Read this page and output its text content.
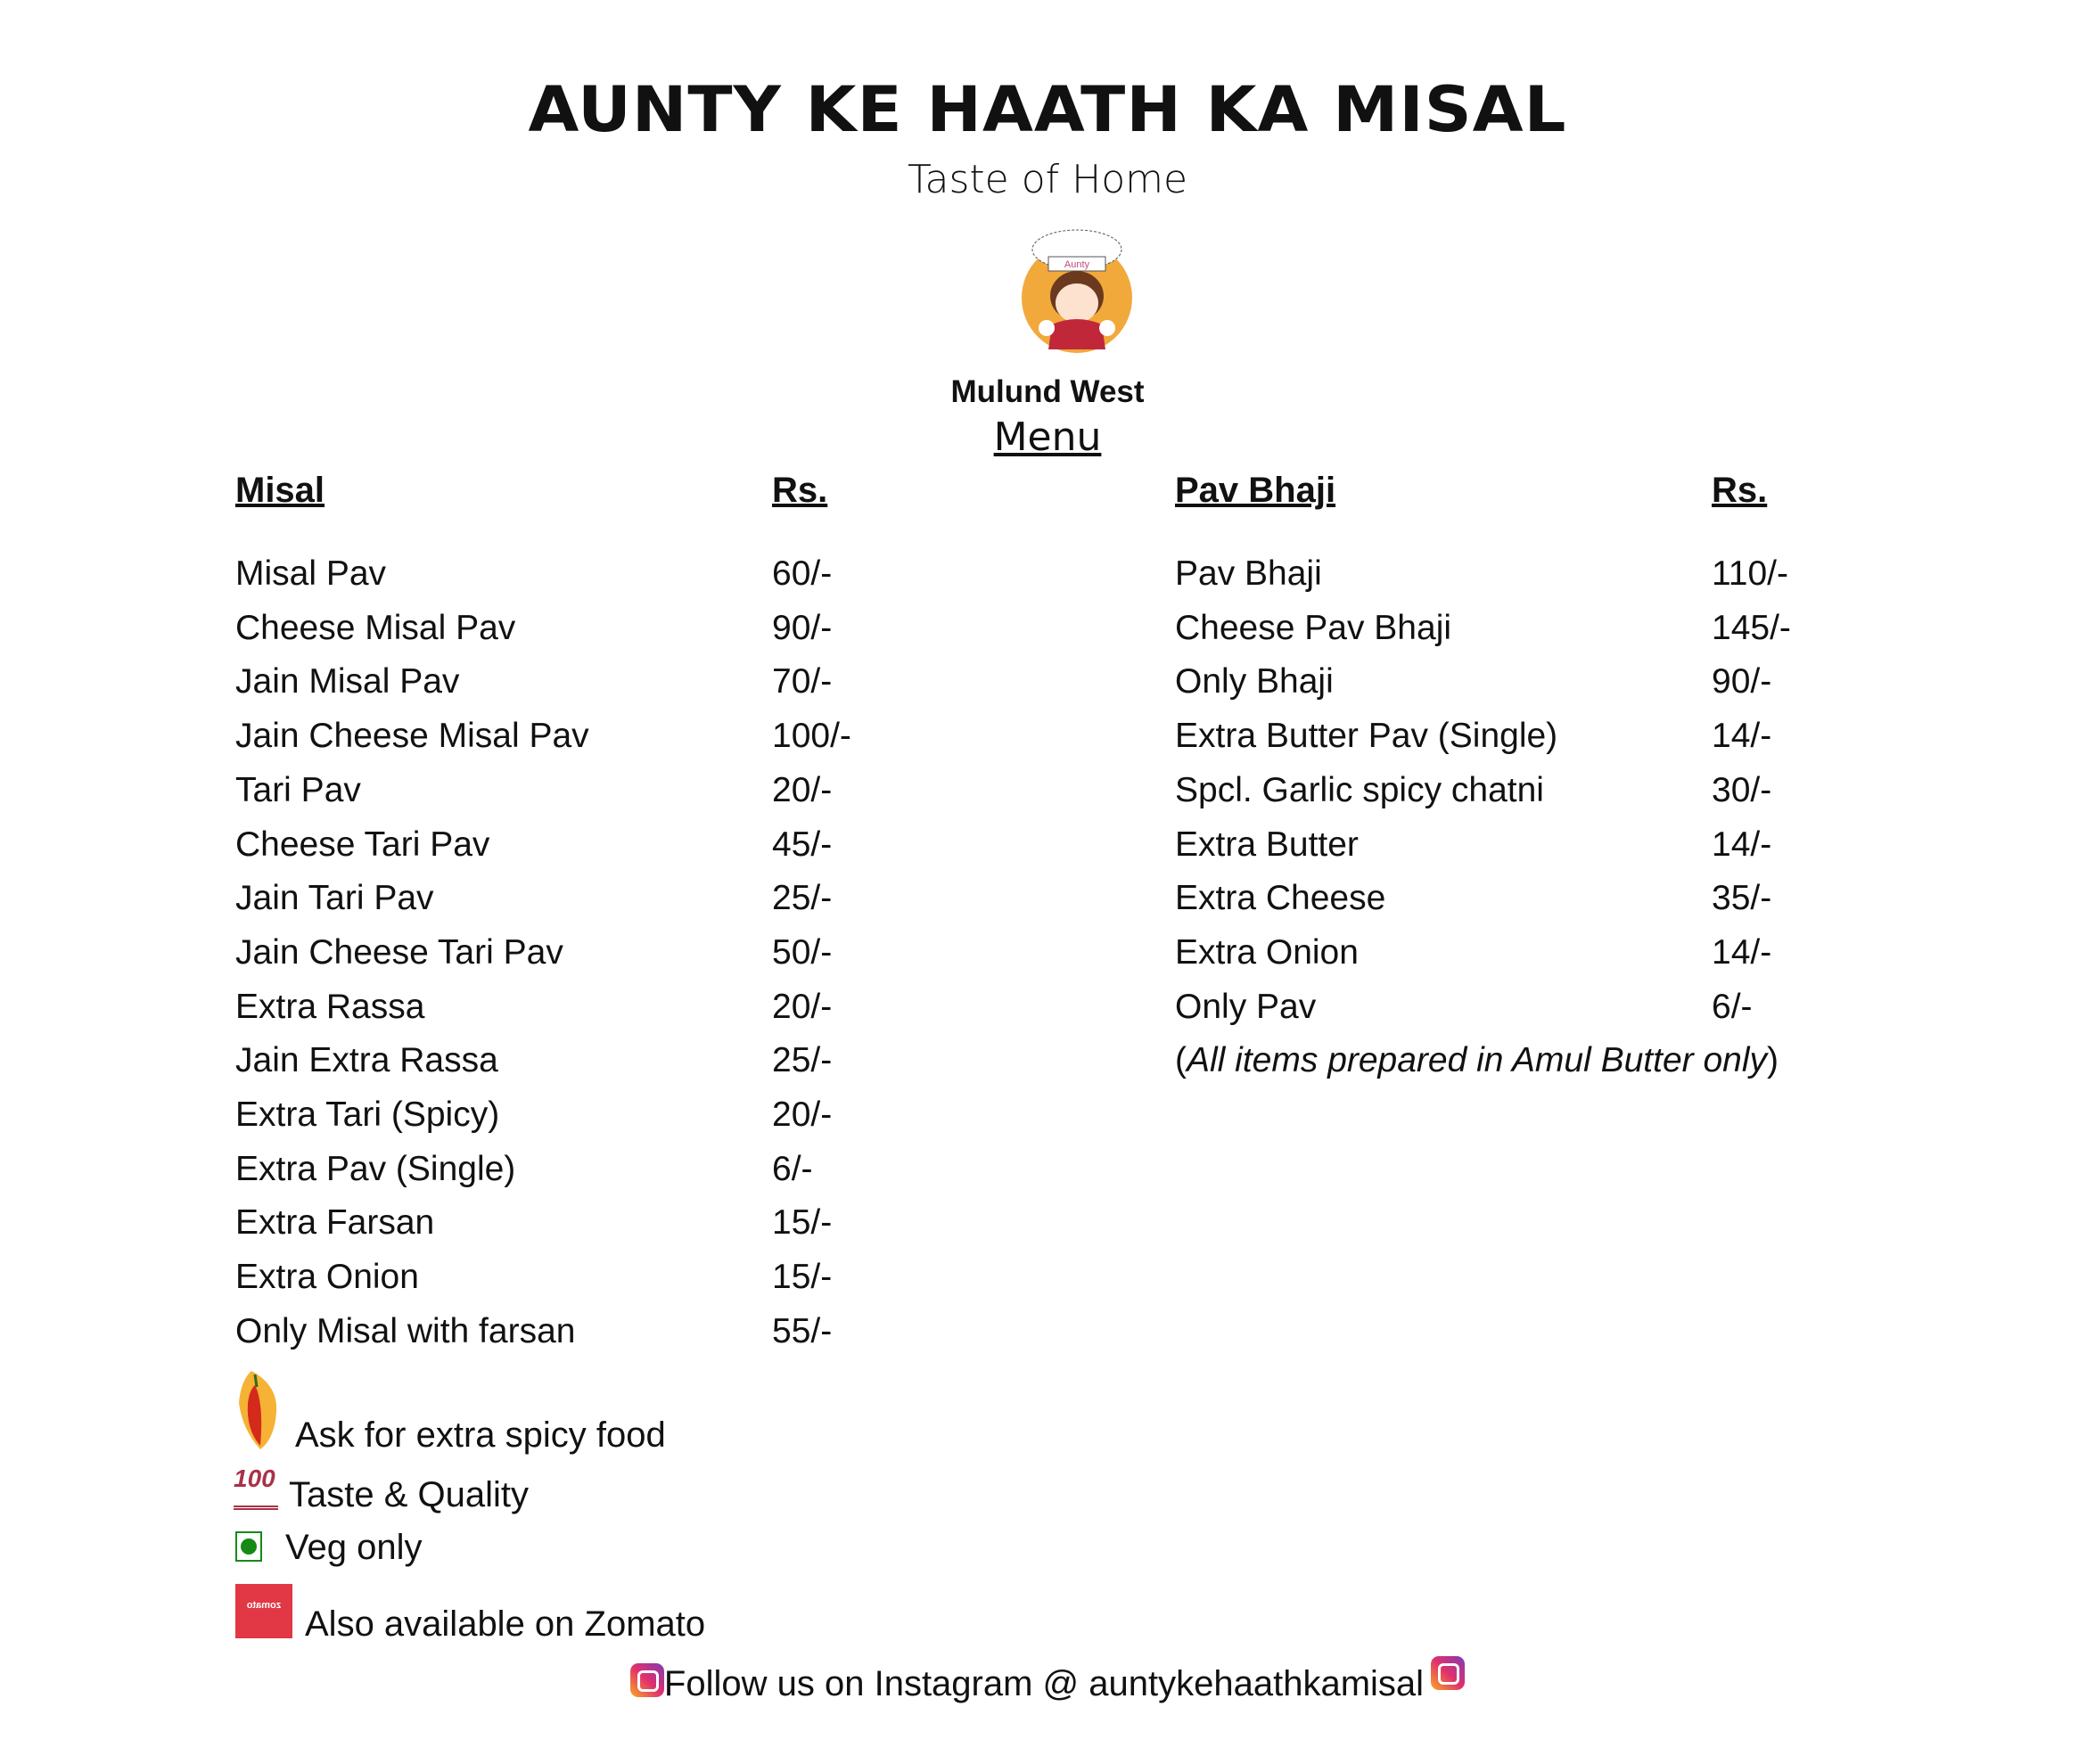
AUNTY KE HAATH KA MISAL
Taste of Home
Aunty
Mulund West
Menu
Misal	Rs.	Pav Bhaji	Rs.
Misal Pav	60/-
Cheese Misal Pav	90/-
Jain Misal Pav	70/-
Jain Cheese Misal Pav	100/-
Tari Pav	20/-
Cheese Tari Pav	45/-
Jain Tari Pav	25/-
Jain Cheese Tari Pav	50/-
Extra Rassa	20/-
Jain Extra Rassa	25/-
Extra Tari (Spicy)	20/-
Extra Pav (Single)	6/-
Extra Farsan	15/-
Extra Onion	15/-
Only Misal with farsan	55/-
Pav Bhaji	110/-
Cheese Pav Bhaji	145/-
Only Bhaji	90/-
Extra Butter Pav (Single)	14/-
Spcl. Garlic spicy chatni	30/-
Extra Butter	14/-
Extra Cheese	35/-
Extra Onion	14/-
Only Pav	6/-
(All items prepared in Amul Butter only)
Ask for extra spicy food
100 Taste & Quality
Veg only
zomato Also available on Zomato
Follow us on Instagram @ auntykehaathkamisal
